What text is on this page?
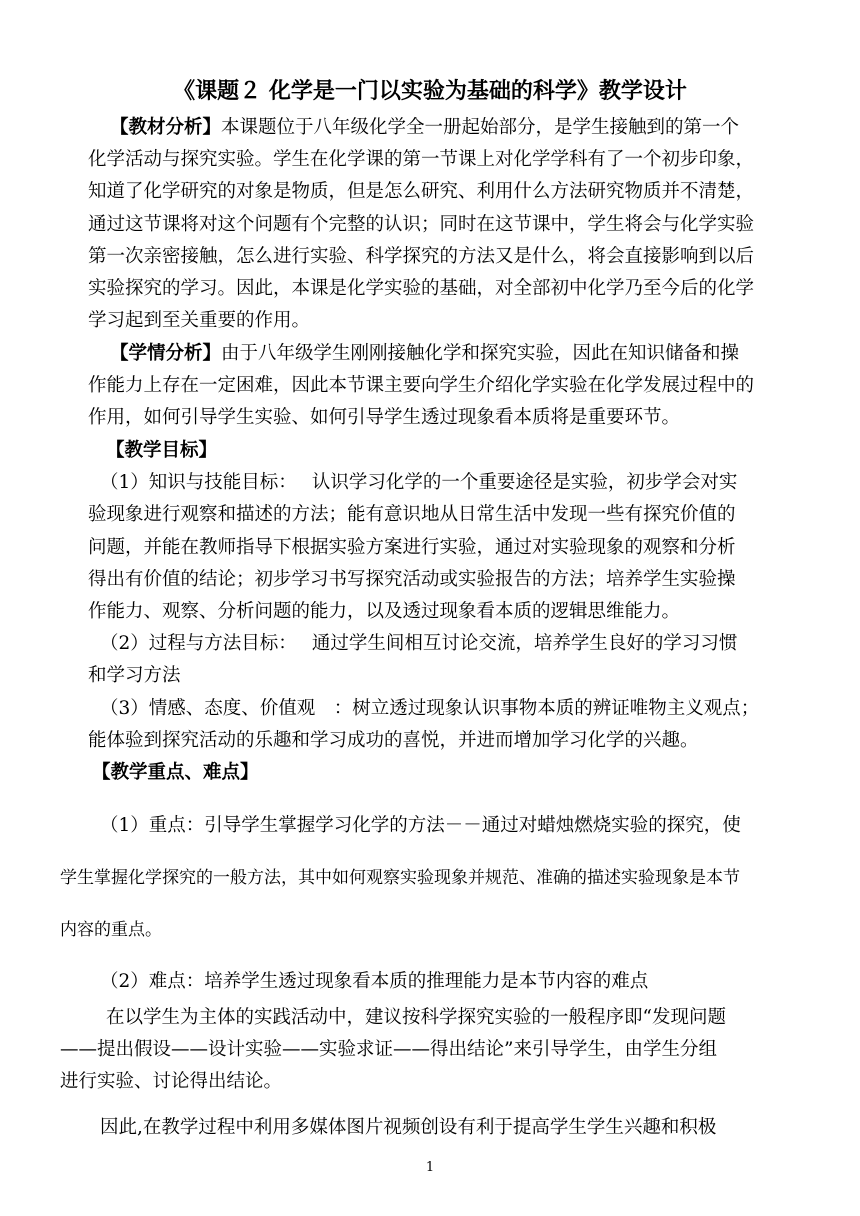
《课题２ 化学是一门以实验为基础的科学》教学设计
【教材分析】本课题位于八年级化学全一册起始部分，是学生接触到的第一个
化学活动与探究实验。学生在化学课的第一节课上对化学学科有了一个初步印象，
知道了化学研究的对象是物质，但是怎么研究、利用什么方法研究物质并不清楚，
通过这节课将对这个问题有个完整的认识；同时在这节课中，学生将会与化学实验
第一次亲密接触，怎么进行实验、科学探究的方法又是什么，将会直接影响到以后
实验探究的学习。因此，本课是化学实验的基础，对全部初中化学乃至今后的化学
学习起到至关重要的作用。
【学情分析】由于八年级学生刚刚接触化学和探究实验，因此在知识储备和操
作能力上存在一定困难，因此本节课主要向学生介绍化学实验在化学发展过程中的
作用，如何引导学生实验、如何引导学生透过现象看本质将是重要环节。
【教学目标】
（1）知识与技能目标：　 认识学习化学的一个重要途径是实验，初步学会对实
验现象进行观察和描述的方法；能有意识地从日常生活中发现一些有探究价值的
问题，并能在教师指导下根据实验方案进行实验，通过对实验现象的观察和分析
得出有价值的结论；初步学习书写探究活动或实验报告的方法；培养学生实验操
作能力、观察、分析问题的能力，以及透过现象看本质的逻辑思维能力。
（2）过程与方法目标：　 通过学生间相互讨论交流，培养学生良好的学习习惯
和学习方法
（3）情感、态度、价值观　：树立透过现象认识事物本质的辨证唯物主义观点；
能体验到探究活动的乐趣和学习成功的喜悦，并进而增加学习化学的兴趣。
【教学重点、难点】
（1）重点：引导学生掌握学习化学的方法－－通过对蜡烛燃烧实验的探究，使
学生掌握化学探究的一般方法，其中如何观察实验现象并规范、准确的描述实验现象是本节
内容的重点。
（2）难点：培养学生透过现象看本质的推理能力是本节内容的难点
在以学生为主体的实践活动中，建议按科学探究实验的一般程序即“发现问题
——提出假设——设计实验——实验求证——得出结论”来引导学生，由学生分组
进行实验、讨论得出结论。
因此,在教学过程中利用多媒体图片视频创设有利于提高学生学生兴趣和积极
1
